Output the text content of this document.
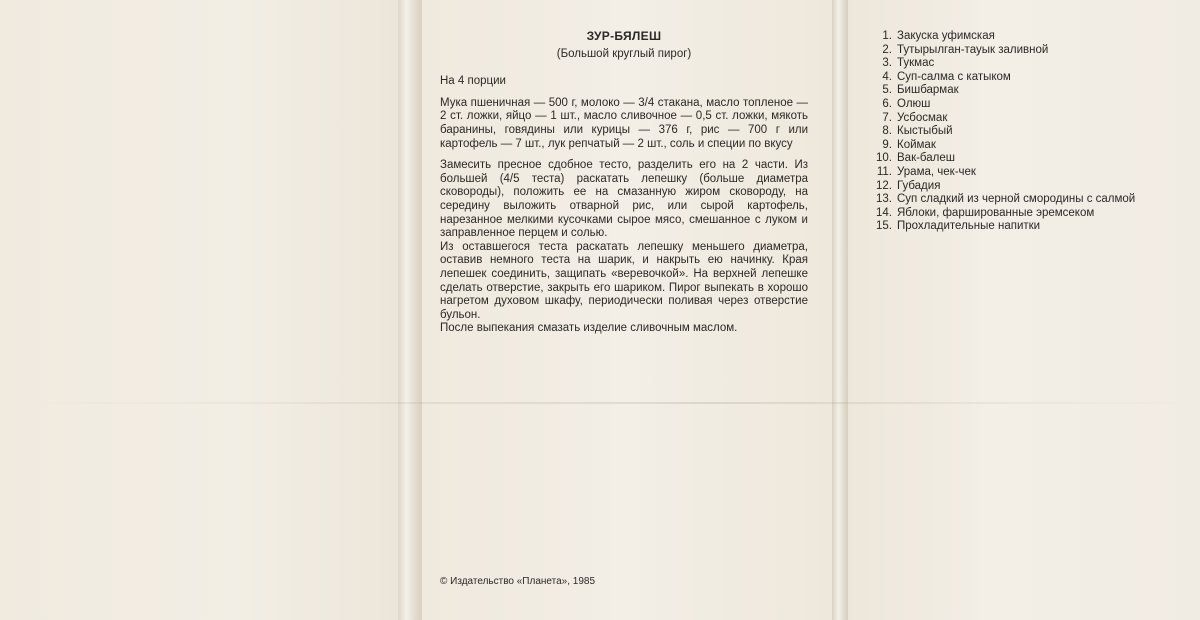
ЗУР-БЯЛЕШ
(Большой круглый пирог)
На 4 порции
Мука пшеничная — 500 г, молоко — 3/4 стакана, масло топленое — 2 ст. ложки, яйцо — 1 шт., масло сливочное — 0,5 ст. ложки, мякоть баранины, говядины или курицы — 376 г, рис — 700 г или картофель — 7 шт., лук репчатый — 2 шт., соль и специи по вкусу
Замесить пресное сдобное тесто, разделить его на 2 части. Из большей (4/5 теста) раскатать лепешку (больше диаметра сковороды), положить ее на смазанную жиром сковороду, на середину выложить отварной рис, или сырой картофель, нарезанное мелкими кусочками сырое мясо, смешанное с луком и заправленное перцем и солью.
Из оставшегося теста раскатать лепешку меньшего диаметра, оставив немного теста на шарик, и накрыть ею начинку. Края лепешек соединить, защипать «веревочкой». На верхней лепешке сделать отверстие, закрыть его шариком. Пирог выпекать в хорошо нагретом духовом шкафу, периодически поливая через отверстие бульон.
После выпекания смазать изделие сливочным маслом.
© Издательство «Планета», 1985
1. Закуска уфимская
2. Тутырылган-тауык заливной
3. Тукмас
4. Суп-салма с катыком
5. Бишбармак
6. Олюш
7. Усбосмак
8. Кыстыбый
9. Коймак
10. Вак-балеш
11. Урама, чек-чек
12. Губадия
13. Суп сладкий из черной смородины с салмой
14. Яблоки, фаршированные эремсеком
15. Прохладительные напитки
